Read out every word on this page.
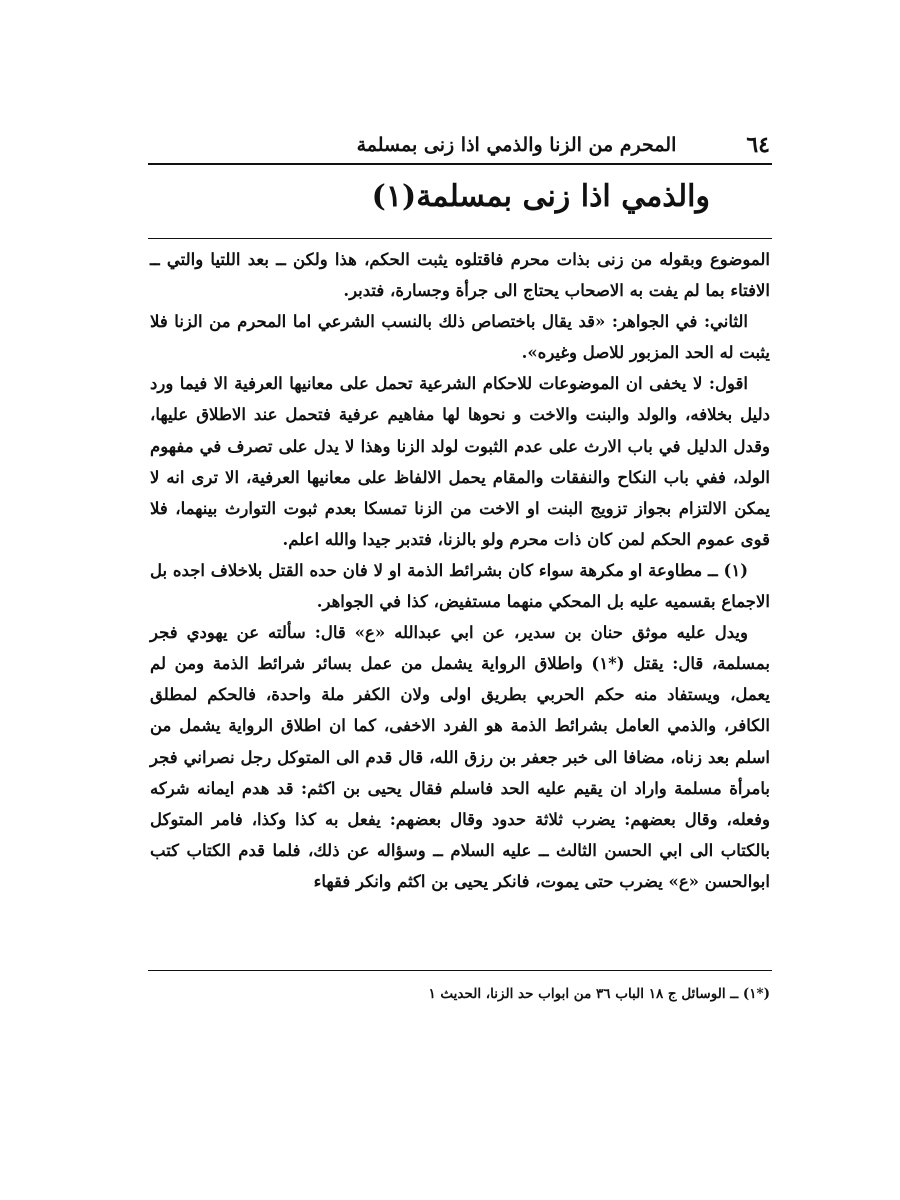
٦٤
المحرم من الزنا والذمي اذا زنى بمسلمة
والذمي اذا زنى بمسلمة(١)

الموضوع وبقوله من زنى بذات محرم فاقتلوه يثبت الحكم، هذا ولكن ــ بعد اللتيا والتي ــ الافتاء بما لم يفت به الاصحاب يحتاج الى جرأة وجسارة، فتدبر.

الثاني: في الجواهر: «قد يقال باختصاص ذلك بالنسب الشرعي اما المحرم من الزنا فلا يثبت له الحد المزبور للاصل وغيره».

اقول: لا يخفى ان الموضوعات للاحكام الشرعية تحمل على معانيها العرفية الا فيما ورد دليل بخلافه، والولد والبنت والاخت و نحوها لها مفاهيم عرفية فتحمل عند الاطلاق عليها، وقدل الدليل في باب الارث على عدم الثبوت لولد الزنا وهذا لا يدل على تصرف في مفهوم الولد، ففي باب النكاح والنفقات والمقام يحمل الالفاظ على معانيها العرفية، الا ترى انه لا يمكن الالتزام بجواز تزويج البنت او الاخت من الزنا تمسكا بعدم ثبوت التوارث بينهما، فلا قوى عموم الحكم لمن كان ذات محرم ولو بالزنا، فتدبر جيدا والله اعلم.

(١) ــ مطاوعة او مكرهة سواء كان بشرائط الذمة او لا فان حده القتل بلاخلاف اجده بل الاجماع بقسميه عليه بل المحكي منهما مستفيض، كذا في الجواهر.

ويدل عليه موثق حنان بن سدير، عن ابي عبدالله «ع» قال: سألته عن يهودي فجر بمسلمة، قال: يقتل (*١) واطلاق الرواية يشمل من عمل بسائر شرائط الذمة ومن لم يعمل، ويستفاد منه حكم الحربي بطريق اولى ولان الكفر ملة واحدة، فالحكم لمطلق الكافر، والذمي العامل بشرائط الذمة هو الفرد الاخفى، كما ان اطلاق الرواية يشمل من اسلم بعد زناه، مضافا الى خبر جعفر بن رزق الله، قال قدم الى المتوكل رجل نصراني فجر بامرأة مسلمة واراد ان يقيم عليه الحد فاسلم فقال يحيى بن اكثم: قد هدم ايمانه شركه وفعله، وقال بعضهم: يضرب ثلاثة حدود وقال بعضهم: يفعل به كذا وكذا، فامر المتوكل بالكتاب الى ابي الحسن الثالث ــ عليه السلام ــ وسؤاله عن ذلك، فلما قدم الكتاب كتب ابوالحسن «ع» يضرب حتى يموت، فانكر يحيى بن اكثم وانكر فقهاء

(*١) ــ الوسائل ج ١٨ الباب ٣٦ من ابواب حد الزنا، الحديث ١
